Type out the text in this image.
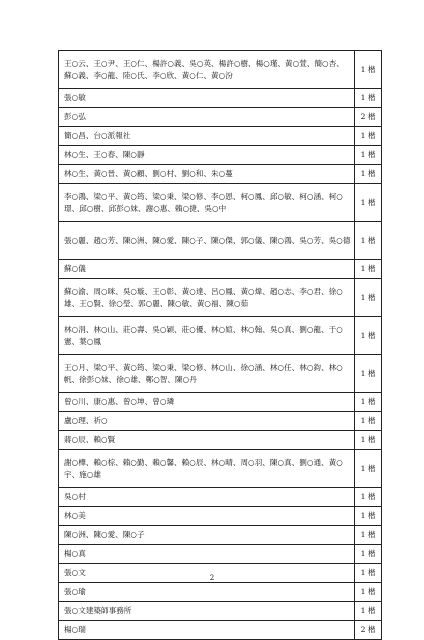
王○云、王○尹、王○仁、楊許○義、吳○英、楊許○樹、楊○瑾、黃○萱、簡○杏、蘇○義、李○龍、陸○氏、李○欣、黃○仁、黃○汾	1 楷
張○敏	1 楷
彭○弘	2 楷
簡○昌、台○派報社	1 楷
林○生、王○春、陳○靜	1 楷
林○生、黃○晉、黃○顧、劉○村、劉○和、朱○蔓	1 楷
李○鴻、梁○平、黃○筠、梁○秉、梁○修、李○恩、柯○鳳、邱○敏、柯○涵、柯○璟、邱○樹、邱彭○妹、謝○惠、賴○捷、吳○中	1 楷
張○麗、趙○芳、陳○洲、陳○愛、陳○子、陳○傑、郭○儀、陳○鴻、吳○芳、吳○德	1 楷
蘇○儀	1 楷
蘇○渝、周○咪、吳○璇、王○彰、黃○達、呂○鳳、黃○煒、趙○志、李○君、徐○雄、王○賢、徐○瑩、郭○麗、陳○敏、黃○福、陳○茹	1 楷
林○涓、林○山、莊○壽、吳○穎、莊○優、林○媗、林○翰、吳○真、劉○龍、于○憲、葉○鳳	1 楷
王○月、梁○平、黃○筠、梁○秉、梁○修、林○山、徐○涵、林○任、林○鈞、林○帆、徐彭○妹、徐○雄、鄭○智、陳○丹	1 楷
曾○川、康○惠、曾○坤、曾○璘	1 楷
盧○理、祈○	1 楷
蔣○辰、賴○賢	1 楷
謝○樺、賴○棕、賴○勤、賴○馨、賴○辰、林○晴、周○羽、陳○真、劉○通、黃○宇、施○雄	1 楷
吳○村	1 楷
林○美	1 楷
陳○洲、陳○愛、陳○子	1 楷
楊○真	1 楷
張○文	1 楷
張○瑜	1 楷
張○文建築師事務所	1 楷
楊○瑞	2 楷
2
